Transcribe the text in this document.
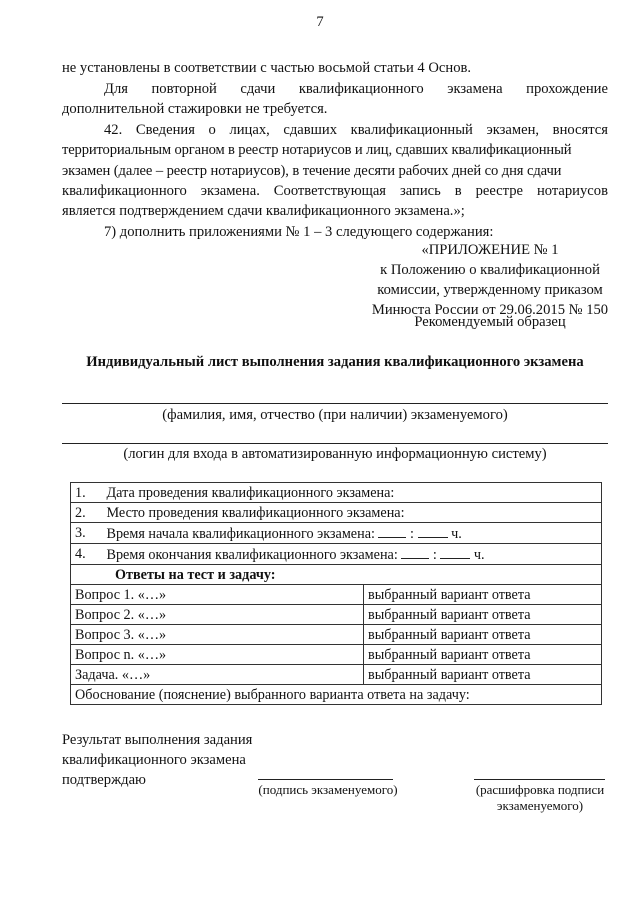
7
не установлены в соответствии с частью восьмой статьи 4 Основ.
Для повторной сдачи квалификационного экзамена прохождение
дополнительной стажировки не требуется.
42. Сведения о лицах, сдавших квалификационный экзамен, вносятся
территориальным органом в реестр нотариусов и лиц, сдавших квалификационный
экзамен (далее – реестр нотариусов), в течение десяти рабочих дней со дня сдачи
квалификационного экзамена. Соответствующая запись в реестре нотариусов
является подтверждением сдачи квалификационного экзамена.»;
7) дополнить приложениями № 1 – 3 следующего содержания:
«ПРИЛОЖЕНИЕ № 1
к Положению о квалификационной
комиссии, утвержденному приказом
Минюста России от 29.06.2015 № 150
Рекомендуемый образец
Индивидуальный лист выполнения задания квалификационного экзамена
(фамилия, имя, отчество (при наличии) экзаменуемого)
(логин для входа в автоматизированную информационную систему)
1.	Дата проведения квалификационного экзамена:	
2.	Место проведения квалификационного экзамена:	
3.	Время начала квалификационного экзамена: : ч.	
4.	Время окончания квалификационного экзамена: : ч.	
Ответы на тест и задачу:		
Вопрос 1. «…»		выбранный вариант ответа
Вопрос 2. «…»		выбранный вариант ответа
Вопрос 3. «…»		выбранный вариант ответа
Вопрос n. «…»		выбранный вариант ответа
Задача. «…»		выбранный вариант ответа
Обоснование (пояснение) выбранного варианта ответа на задачу:		
Результат выполнения задания
квалификационного экзамена
подтверждаю
(подпись экзаменуемого)	(расшифровка подписи
экзаменуемого)
